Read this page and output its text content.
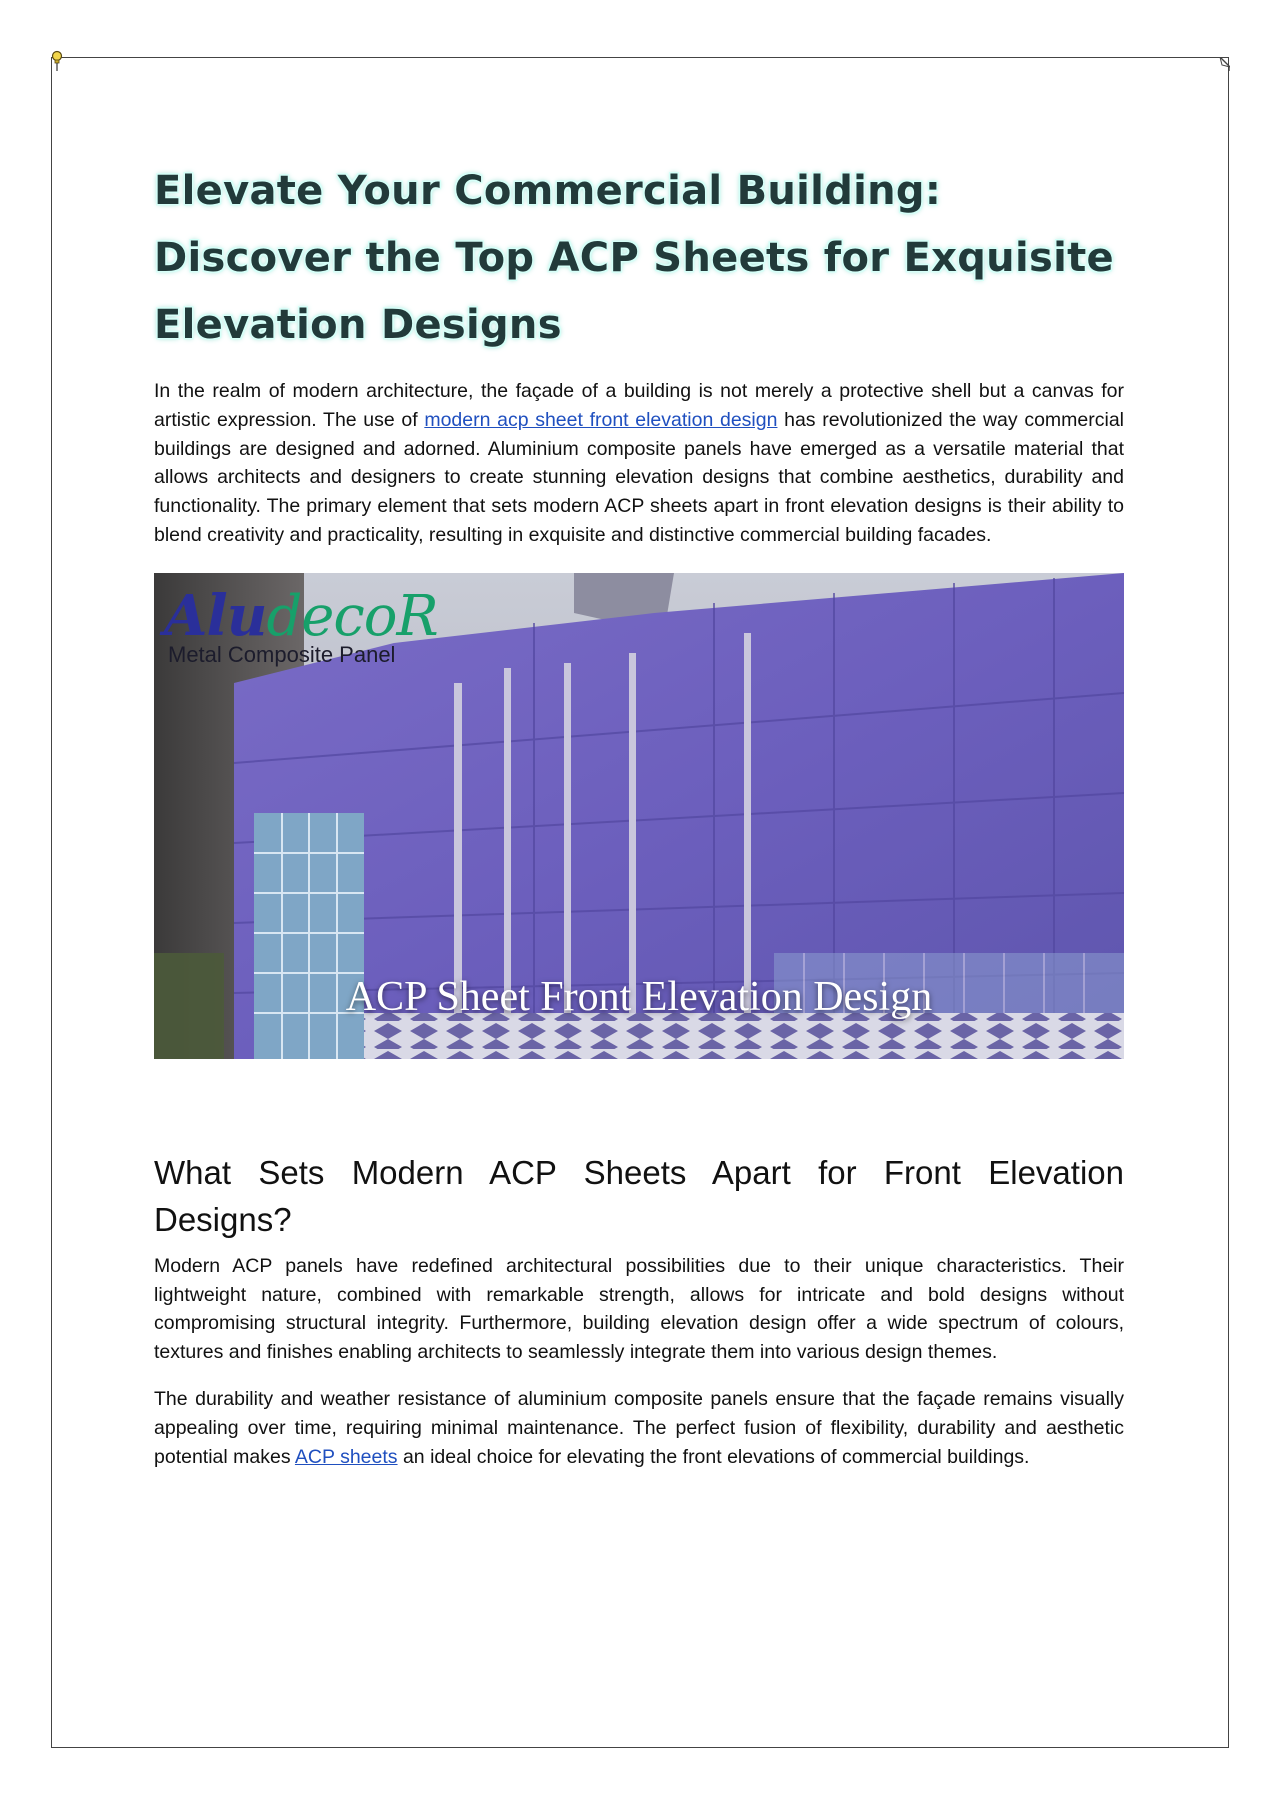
Elevate Your Commercial Building: Discover the Top ACP Sheets for Exquisite Elevation Designs

In the realm of modern architecture, the façade of a building is not merely a protective shell but a canvas for artistic expression. The use of modern acp sheet front elevation design has revolutionized the way commercial buildings are designed and adorned. Aluminium composite panels have emerged as a versatile material that allows architects and designers to create stunning elevation designs that combine aesthetics, durability and functionality. The primary element that sets modern ACP sheets apart in front elevation designs is their ability to blend creativity and practicality, resulting in exquisite and distinctive commercial building facades.

AludecoR
Metal Composite Panel
ACP Sheet Front Elevation Design
What Sets Modern ACP Sheets Apart for Front Elevation Designs?

Modern ACP panels have redefined architectural possibilities due to their unique characteristics. Their lightweight nature, combined with remarkable strength, allows for intricate and bold designs without compromising structural integrity. Furthermore, building elevation design offer a wide spectrum of colours, textures and finishes enabling architects to seamlessly integrate them into various design themes.

The durability and weather resistance of aluminium composite panels ensure that the façade remains visually appealing over time, requiring minimal maintenance. The perfect fusion of flexibility, durability and aesthetic potential makes ACP sheets an ideal choice for elevating the front elevations of commercial buildings.
